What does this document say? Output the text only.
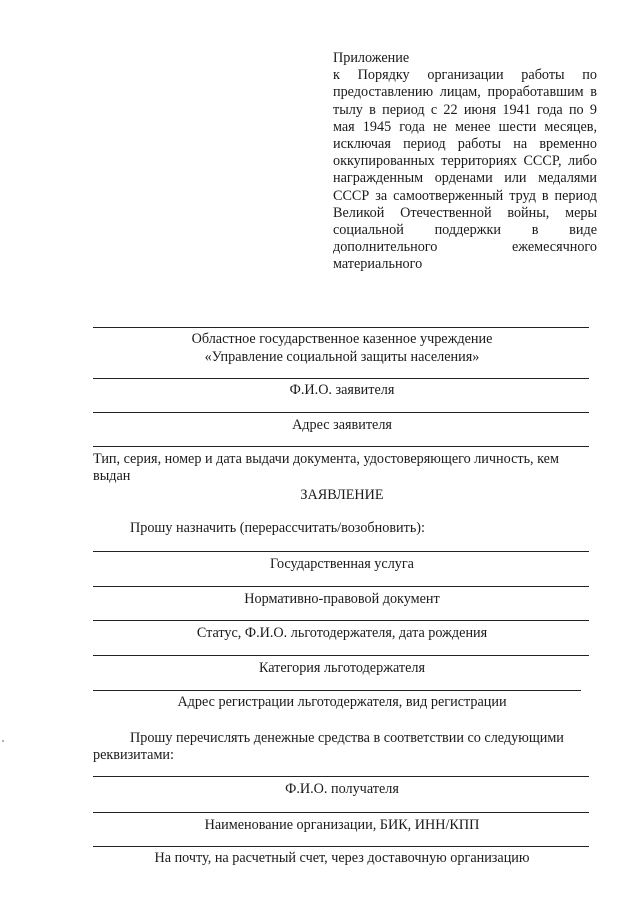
Приложение
к Порядку организации работы по предоставлению лицам, проработавшим в тылу в период с 22 июня 1941 года по 9 мая 1945 года не менее шести месяцев, исключая период работы на временно оккупированных территориях СССР, либо награжденным орденами или медалями СССР за самоотверженный труд в период Великой Отечественной войны, меры социальной поддержки в виде дополнительного ежемесячного
материального
Областное государственное казенное учреждение
«Управление социальной защиты населения»
Ф.И.О. заявителя
Адрес заявителя
Тип, серия, номер и дата выдачи документа, удостоверяющего личность, кем выдан
ЗАЯВЛЕНИЕ
Прошу назначить (перерассчитать/возобновить):
Государственная услуга
Нормативно-правовой документ
Статус, Ф.И.О. льготодержателя, дата рождения
Категория льготодержателя
Адрес регистрации льготодержателя, вид регистрации
Прошу перечислять денежные средства в соответствии со следующими реквизитами:
Ф.И.О. получателя
Наименование организации, БИК, ИНН/КПП
На почту, на расчетный счет, через доставочную организацию
